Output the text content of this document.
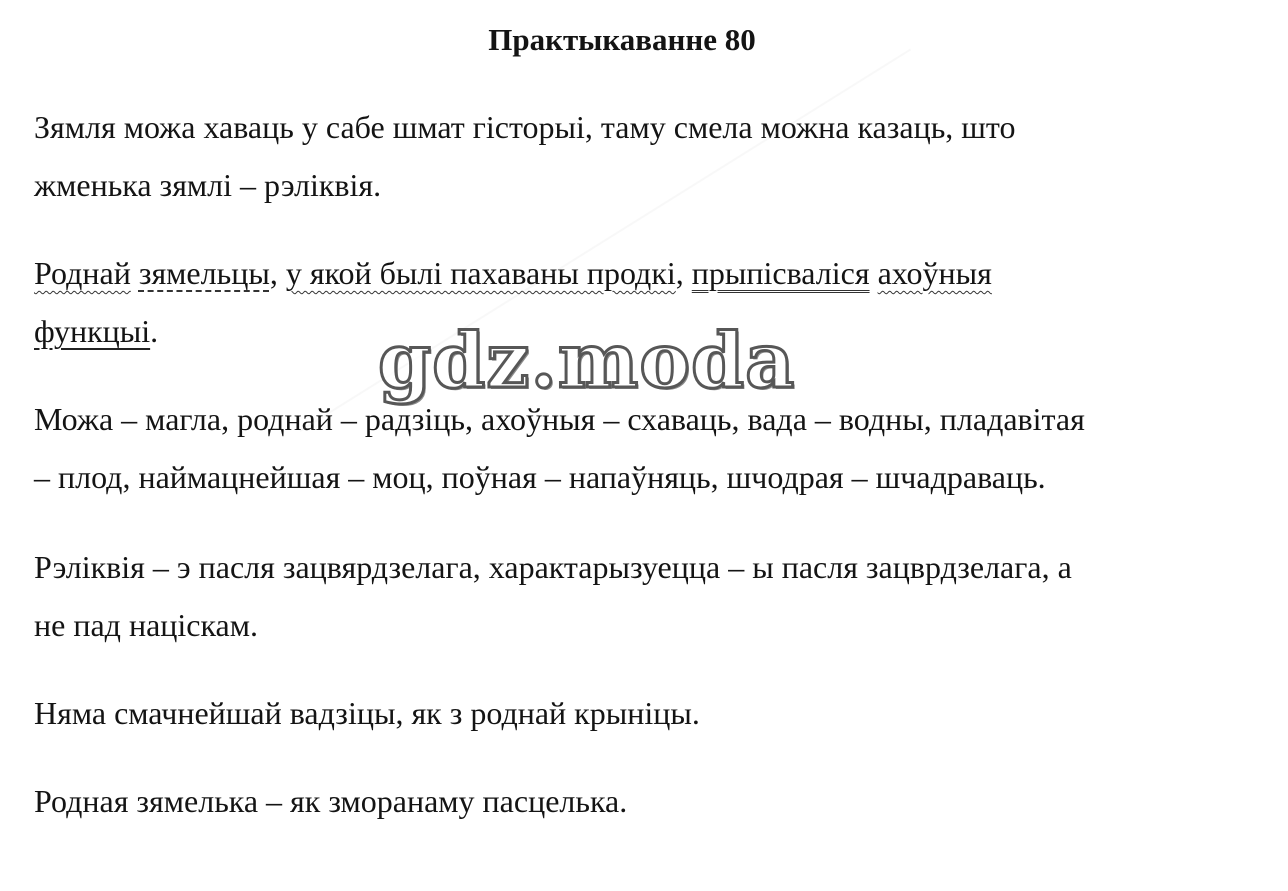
Практыкаванне 80
Зямля можа хаваць у сабе шмат гісторыі, таму смела можна казаць, што
жменька зямлі – рэліквія.
Роднай зямельцы, у якой былі пахаваны продкі, прыпісваліся ахоўныя
функцыі.
Можа – магла, роднай – радзіць, ахоўныя – схаваць, вада – водны, пладавітая
– плод, наймацнейшая – моц, поўная – напаўняць, шчодрая – шчадраваць.
Рэліквія – э пасля зацвярдзелага, характарызуецца – ы пасля зацврдзелага, а
не пад націскам.
Няма смачнейшай вадзіцы, як з роднай крыніцы.
Родная зямелька – як зморанаму пасцелька.
gdz.moda
